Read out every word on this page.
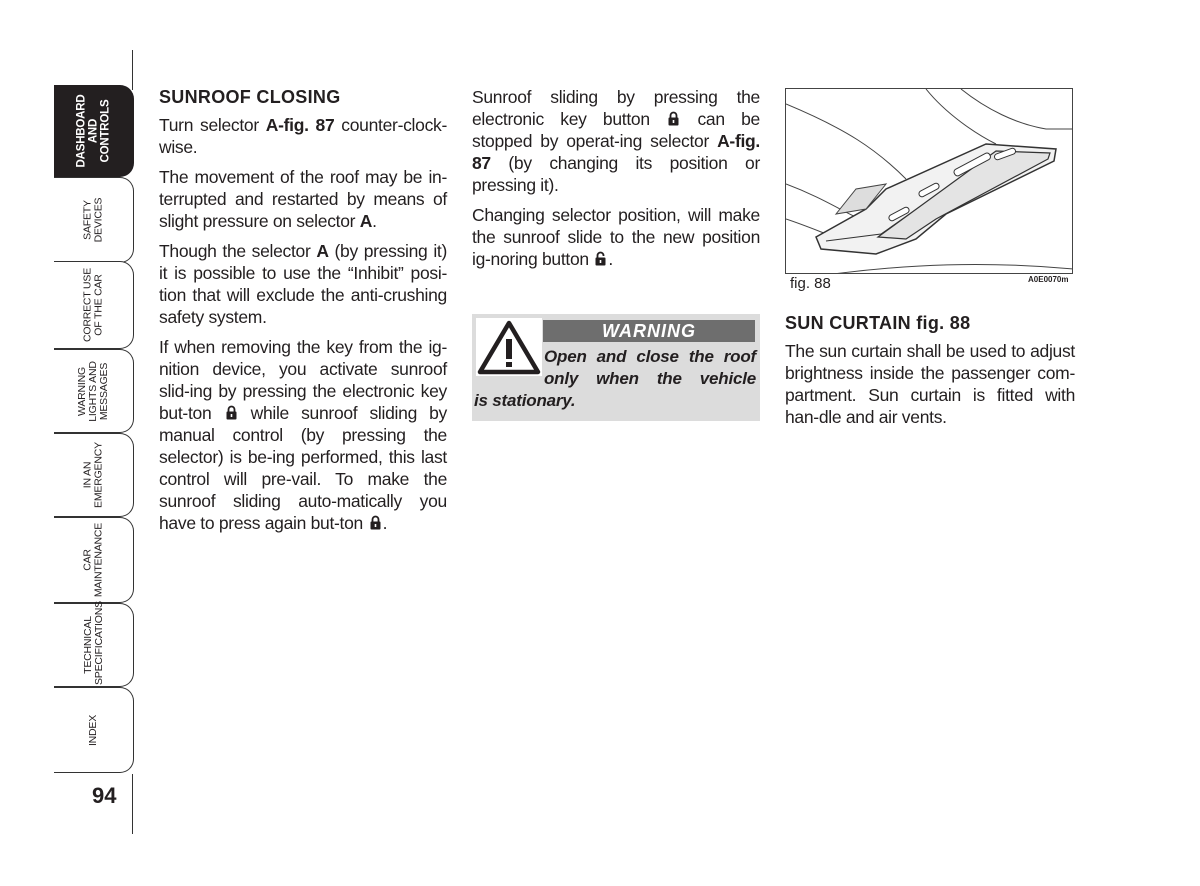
DASHBOARD
AND
CONTROLS
SAFETY
DEVICES
CORRECT USE
OF THE CAR
WARNING
LIGHTS AND
MESSAGES
IN AN
EMERGENCY
CAR
MAINTENANCE
TECHNICAL
SPECIFICATIONS
INDEX
94
SUNROOF CLOSING

Turn selector A-fig. 87 counter-clock-wise.

The movement of the roof may be in-terrupted and restarted by means of slight pressure on selector A.

Though the selector A (by pressing it) it is possible to use the “Inhibit” posi-tion that will exclude the anti-crushing safety system.

If when removing the key from the ig-nition device, you activate sunroof slid-ing by pressing the electronic key but-ton  while sunroof sliding by manual control (by pressing the selector) is be-ing performed, this last control will pre-vail. To make the sunroof sliding auto-matically you have to press again but-ton .

Sunroof sliding by pressing the electronic key button  can be stopped by operat-ing selector A-fig. 87 (by changing its position or pressing it).

Changing selector position, will make the sunroof slide to the new position ig-noring button .

WARNING
Open and close the roof
only when the vehicle
is stationary.
fig. 88	A0E0070m
SUN CURTAIN fig. 88

The sun curtain shall be used to adjust brightness inside the passenger com-partment. Sun curtain is fitted with han-dle and air vents.
